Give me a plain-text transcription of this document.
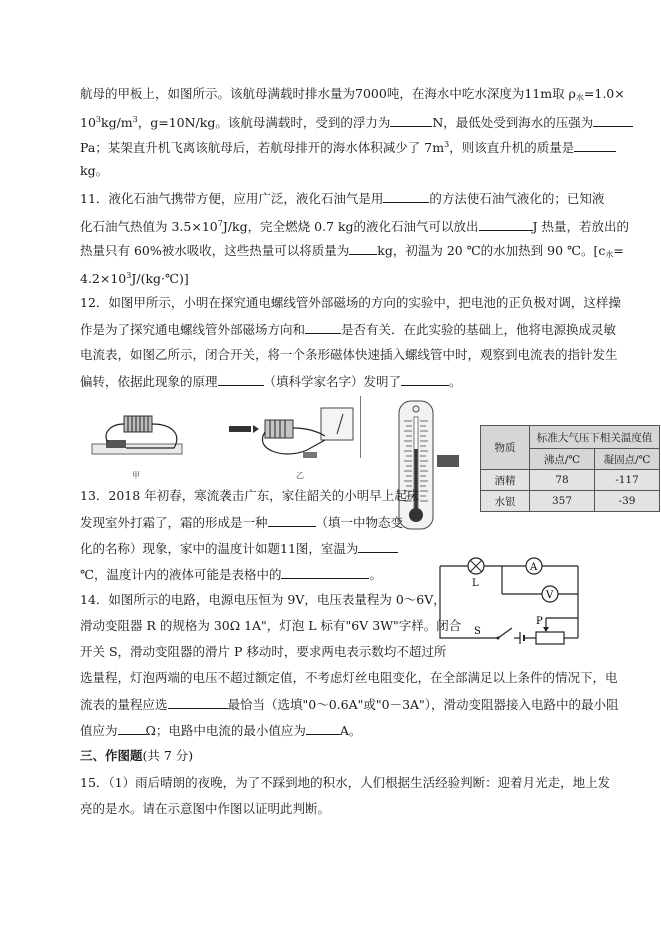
航母的甲板上，如图所示。该航母满载时排水量为7000吨，在海水中吃水深度为11m取 $\rho_水=1.0\times$
$10^3kg/m^3$，g=10N/kg。该航母满载时，受到的浮力为	N，最低处受到海水的压强为
Pa；某架直升机飞离该航母后，若航母排开的海水体积减少了 $7m^3$，则该直升机的质量是
kg。
11．液化石油气携带方便，应用广泛，液化石油气是用	的方法使石油气液化的；已知液
化石油气热值为 $3.5\times 10^7J/kg$，完全燃烧 0.7 kg的液化石油气可以放出	J 热量，若放出的
热量只有 60%被水吸收，这些热量可以将质量为 kg，初温为 20 ℃的水加热到 90 ℃。[$c_水=$
$4.2\times 10^3J/(kg\cdot℃)$]
12．如图甲所示，小明在探究通电螺线管外部磁场的方向的实验中，把电池的正负极对调，这样操
作是为了探究通电螺线管外部磁场方向和	是否有关．在此实验的基础上，他将电源换成灵敏
电流表，如图乙所示，闭合开关，将一个条形磁体快速插入螺线管中时，观察到电流表的指针发生
偏转，依据此现象的原理	（填科学家名字）发明了	。
甲	乙
物质	标准大气压下相关温度值	
	沸点/℃	凝固点/℃
酒精	78	-117
水银	357	-39
13．2018 年初春，寒流袭击广东，家住韶关的小明早上起床
发现室外打霜了，霜的形成是一种	（填一中物态变
化的名称）现象，家中的温度计如题11图，室温为
℃，温度计内的液体可能是表格中的	。
L
A
V
S
P
14．如图所示的电路，电源电压恒为 9V，电压表量程为 0～6V，
滑动变阻器 R 的规格为 30Ω 1A"，灯泡 L 标有"6V 3W"字样。闭合
开关 S，滑动变阻器的滑片 P 移动时，要求两电表示数均不超过所
选量程，灯泡两端的电压不超过额定值，不考虑灯丝电阻变化，在全部满足以上条件的情况下，电
流表的量程应选	最恰当（选填"0～0.6A"或"0－3A"），滑动变阻器接入电路中的最小阻
值应为 Ω；电路中电流的最小值应为	A。
三、作图题(共 7 分)
15．（1）雨后晴朗的夜晚，为了不踩到地的积水，人们根据生活经验判断：迎着月光走，地上发
亮的是水。请在示意图中作图以证明此判断。
